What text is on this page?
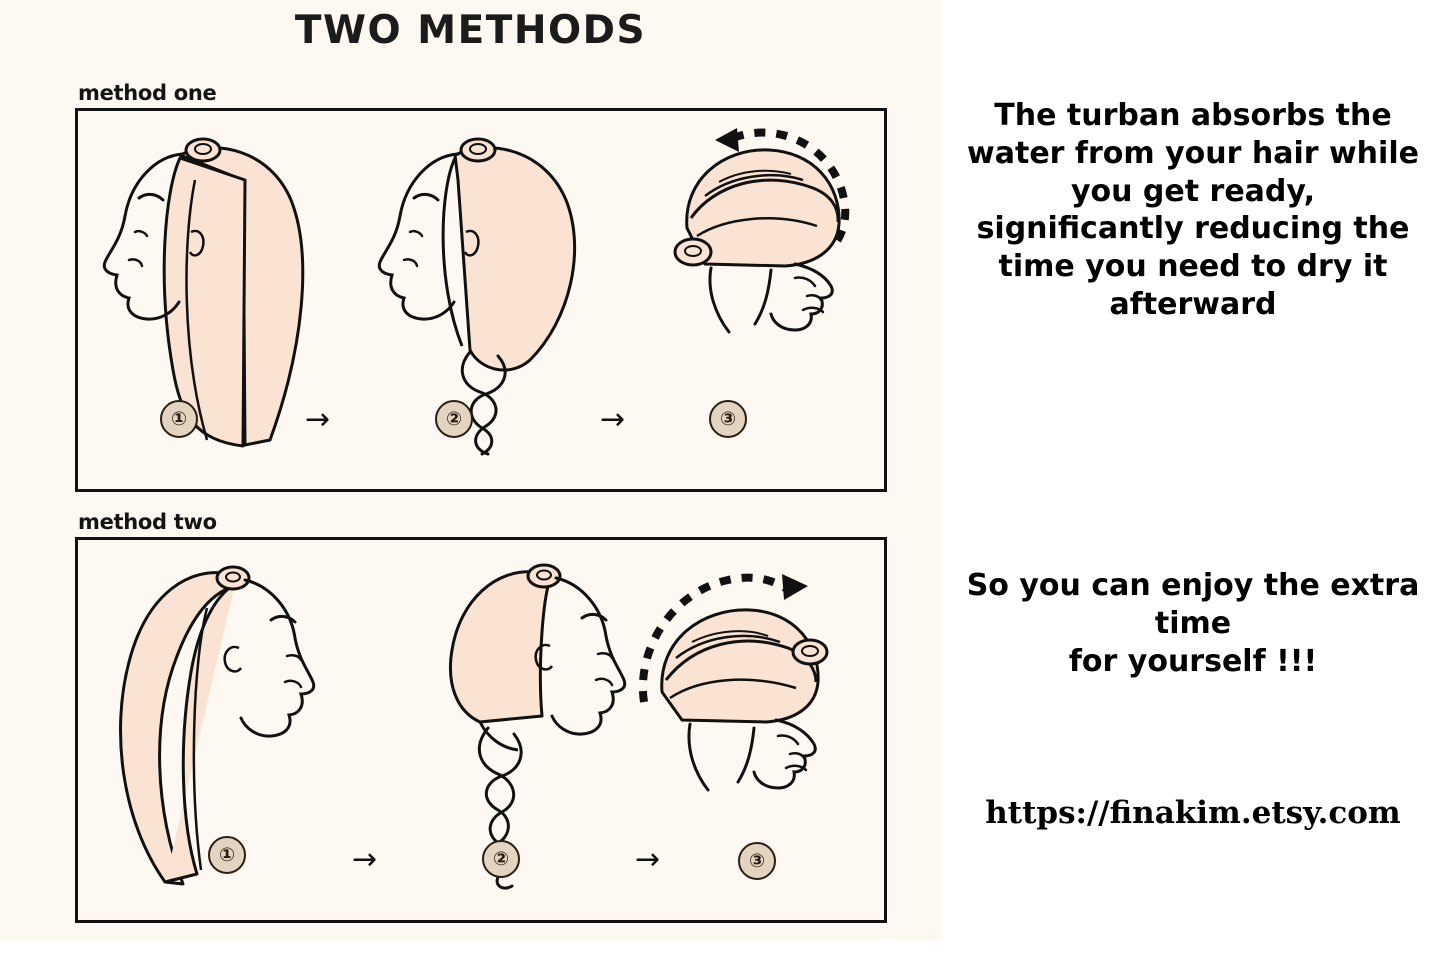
TWO METHODS
method one
①	→	②	→	③
method two
①	→	②	→	③
The turban absorbs the water from your hair while you get ready,
significantly reducing the time you need to dry it afterward
So you can enjoy the extra time
for yourself !!!
https://finakim.etsy.com
